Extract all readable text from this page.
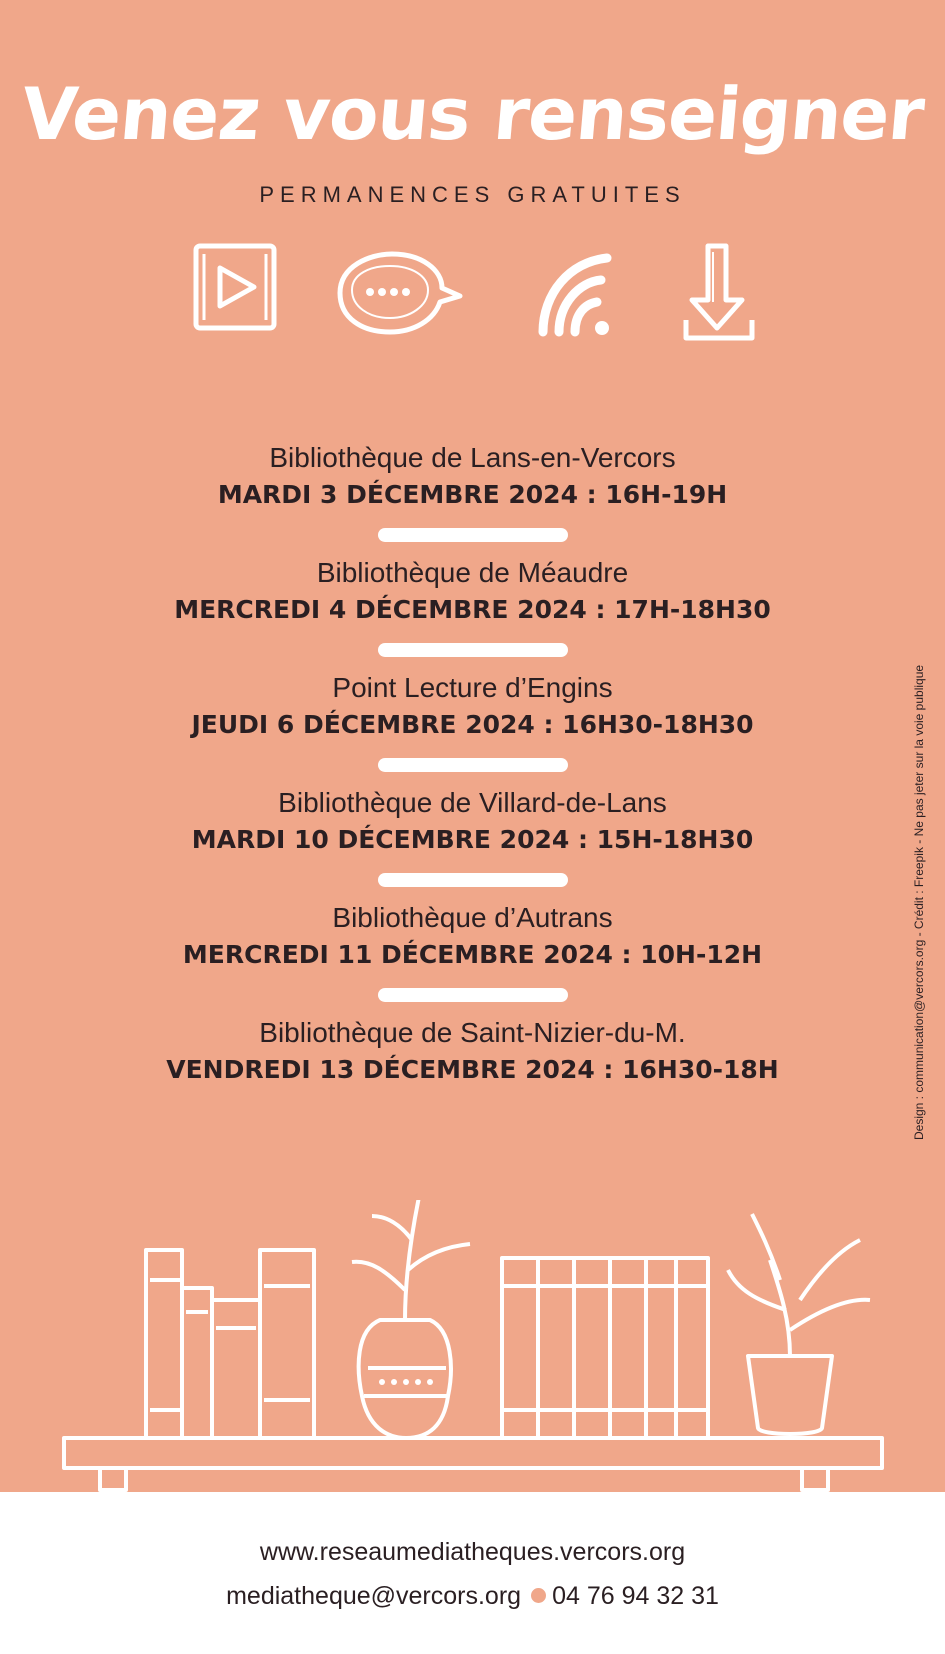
Venez vous renseigner
PERMANENCES GRATUITES
Bibliothèque de Lans-en-Vercors
MARDI 3 DÉCEMBRE 2024 : 16H-19H
Bibliothèque de Méaudre
MERCREDI 4 DÉCEMBRE 2024 : 17H-18H30
Point Lecture d’Engins
JEUDI 6 DÉCEMBRE 2024 : 16H30-18H30
Bibliothèque de Villard-de-Lans
MARDI 10 DÉCEMBRE 2024 : 15H-18H30
Bibliothèque d’Autrans
MERCREDI 11 DÉCEMBRE 2024 : 10H-12H
Bibliothèque de Saint-Nizier-du-M.
VENDREDI 13 DÉCEMBRE 2024 : 16H30-18H	Design : communication@vercors.org - Crédit : Freepik - Ne pas jeter sur la voie publique
www.reseaumediatheques.vercors.org
mediatheque@vercors.org 04 76 94 32 31
